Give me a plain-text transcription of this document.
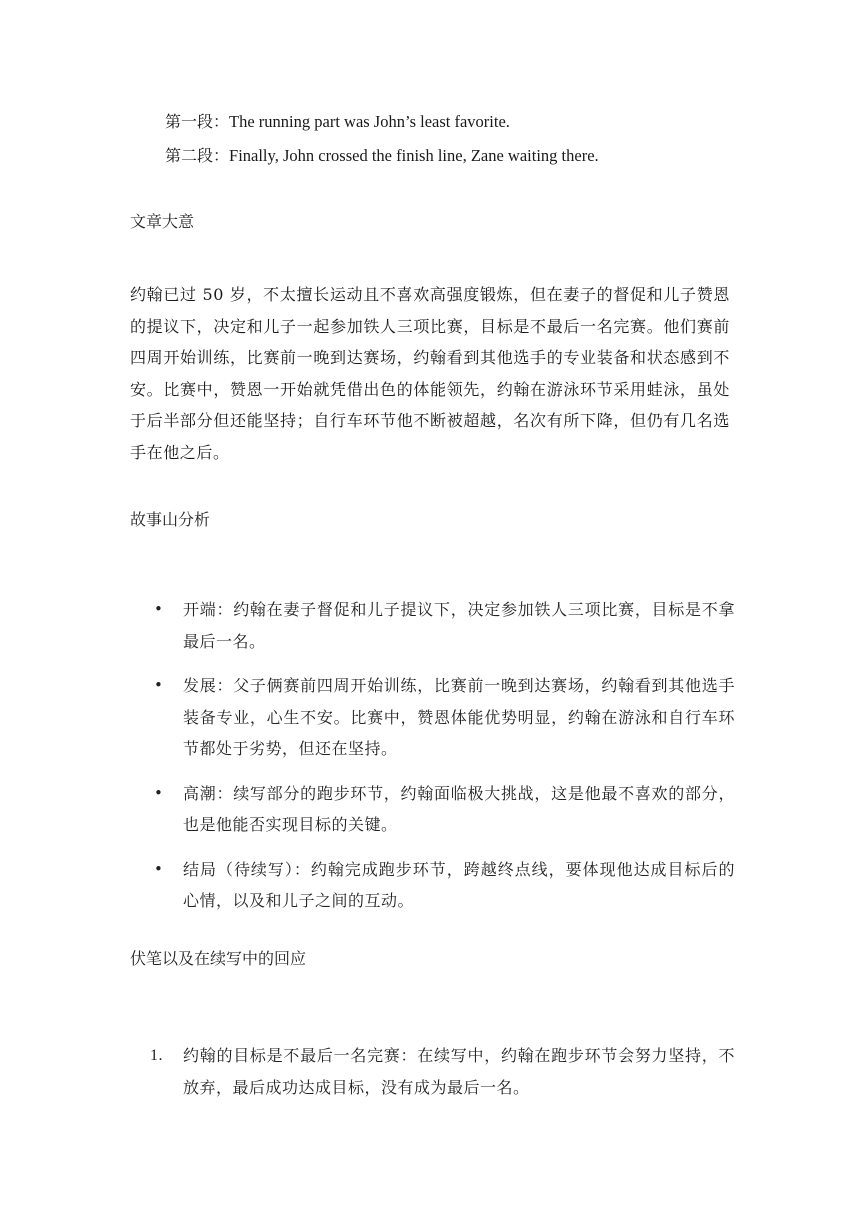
第一段：The running part was John’s least favorite.
第二段：Finally, John crossed the finish line, Zane waiting there.
文章大意
约翰已过 50 岁，不太擅长运动且不喜欢高强度锻炼，但在妻子的督促和儿子赞恩的提议下，决定和儿子一起参加铁人三项比赛，目标是不最后一名完赛。他们赛前四周开始训练，比赛前一晚到达赛场，约翰看到其他选手的专业装备和状态感到不安。比赛中，赞恩一开始就凭借出色的体能领先，约翰在游泳环节采用蛙泳，虽处于后半部分但还能坚持；自行车环节他不断被超越，名次有所下降，但仍有几名选手在他之后。
故事山分析
• 开端：约翰在妻子督促和儿子提议下，决定参加铁人三项比赛，目标是不拿最后一名。
• 发展：父子俩赛前四周开始训练，比赛前一晚到达赛场，约翰看到其他选手装备专业，心生不安。比赛中，赞恩体能优势明显，约翰在游泳和自行车环节都处于劣势，但还在坚持。
• 高潮：续写部分的跑步环节，约翰面临极大挑战，这是他最不喜欢的部分，也是他能否实现目标的关键。
• 结局（待续写）：约翰完成跑步环节，跨越终点线，要体现他达成目标后的心情，以及和儿子之间的互动。
伏笔以及在续写中的回应
1. 约翰的目标是不最后一名完赛：在续写中，约翰在跑步环节会努力坚持，不放弃，最后成功达成目标，没有成为最后一名。
